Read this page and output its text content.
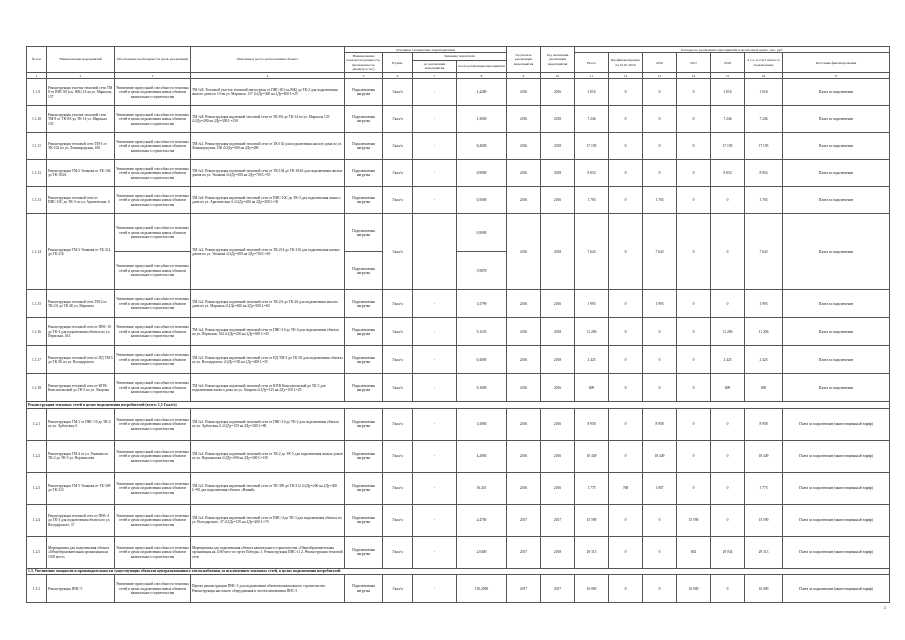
№ п/п	Наименование мероприятий	Обоснование необходимости (цель реализации)	Описание и место расположения объекта	Основные технические характеристики				Год начала реализации мероприятия	Год окончания реализации мероприятия	Расходы на реализацию мероприятий в прогнозных ценах, тыс. руб.						
				Наименование показателя (мощность, протяженность, диаметр и т.п.)	Ед.изм.	Значение показателя				Всего	Профинансировано на 01.01.2016	2016	2017	2018	в т.ч. за счет платы за подключение	Источник финансирования
						до реализации мероприятия	после реализации мероприятия									
1	2	3	4	5	6	7	8	9	10	11	12	13	14	15	16	17
1.1.9	Реконструкция участка тепловой сети ТМ 8 от ПНС 60 (т.к. 80Б) 13-ая ул. Маршала, 137	Увеличение пропускной способности тепловых сетей в целях подключения новых объектов капитального строительства	ТМ №8. Тепловой участок тепловой магистрали от ПНС 60 (т.к.80Б) до ТК-2 для подключения жилого дома по 13-ая ул. Маршала, 137 ∅2Ду=300 на 2Ду=400 L=25	Подключаемая нагрузка	Гкал/ч	-	1,4280	2016	2016	1 016	0	0	0	1 016	1 016	Плата за подключение
1.1.10	Реконструкция участка тепловой сети ТМ-8 от ТК-8А до ТК-14 ул. Маршала 135	Увеличение пропускной способности тепловых сетей в целях подключения новых объектов капитального строительства	ТМ №8. Реконструкция надземной тепловой сети от ТК-8А до ТК-14 по ул. Маршала 135 ∅2Ду=200 на 2Ду=300 L=120	Подключаемая нагрузка	Гкал/ч	-	1,3600	2016	2018	7 246	0	0	0	7 246	7 246	Плата за подключение
1.1.11	Реконструкция тепловой сети ТМ-1 от ТК-102 по ул. Ленинградская, 106	Увеличение пропускной способности тепловых сетей в целях подключения новых объектов капитального строительства	ТМ №1. Реконструкция подземной тепловой сети от ТК-102 для подключения жилого дома по ул. Ленинградская, 106 ∅2Ду=300 на 2Ду=400	Подключаемая нагрузка	Гкал/ч	-	8,4000	2016	2018	17 193	0	0	0	17 193	17 193	Плата за подключение
1.1.12	Реконструкция ТМ-2 Ушакова от ТК-104 до ТК-104А	Увеличение пропускной способности тепловых сетей в целях подключения новых объектов капитального строительства	ТМ №2. Реконструкция подземной тепловой сети от ТК-104 до ТК-104А для подключения жилых домов по ул. Ушакова ∅2Ду=500 на 2Ду=700 L=55	Подключаемая нагрузка	Гкал/ч	-	0,9000	2016	2018	8 854	0	0	0	8 854	8 854	Плата за подключение
1.1.13	Реконструкция тепловой сети от ПНС-10С до ТК-3 по ул. Арктическая, 6	Увеличение пропускной способности тепловых сетей в целях подключения новых объектов капитального строительства	ТМ №6. Реконструкция надземной тепловой сети от ПНС-10С до ТК-3 для подключения жилого дома по ул. Арктическая, 6 ∅2Ду=200 на 2Ду=300 L=30	Подключаемая нагрузка	Гкал/ч	-	0,5600	2016	2016	1 765	0	1 765	0	0	1 765	Плата за подключение
1.1.14	Реконструкция ТМ-2 Ушакова от ТК-214 до ТК-216	Увеличение пропускной способности тепловых сетей в целях подключения новых объектов капитального строительства	ТМ №2. Реконструкция подземной тепловой сети от ТК-214 до ТК-216 для подключения жилых домов по ул. Ушакова ∅2Ду=500 на 2Ду=700 L=40	Подключаемая нагрузка	Гкал/ч		0,9000	2016	2018	7 643	0	7 643	0	0	7 643	Плата за подключение
		Увеличение пропускной способности тепловых сетей в целях подключения новых объектов капитального строительства		Подключаемая нагрузка			5,9878									
1.1.15	Реконструкция тепловой сети ТМ-2 от ТК-2А до ТК-2Б ул. Маршала	Увеличение пропускной способности тепловых сетей в целях подключения новых объектов капитального строительства	ТМ №2. Реконструкция подземной тепловой сети от ТК-2А до ТК-2Б для подключения жилого дома по ул. Маршала ∅2Ду=400 на 2Ду=500 L=60	Подключаемая нагрузка	Гкал/ч	-	3,3799	2016	2016	1 993	0	1 993	0	0	1 993	Плата за подключение
1.1.16	Реконструкция тепловой сети от ПНС-10 до ТК-4 для подключения объекта по ул. Пермская, 104	Увеличение пропускной способности тепловых сетей в целях подключения новых объектов капитального строительства	ТМ №4. Реконструкция подземной тепловой сети от ПНС-10 до ТК-4 для подключения объекта по ул. Пермская, 104 ∅2Ду=250 на 2Ду=300 L=45	Подключаемая нагрузка	Гкал/ч	-	5,1233	2016	2018	11 206	0	0	0	11 206	11 206	Плата за подключение
1.1.17	Реконструкция тепловой сети от ПД ТМ-5 до ТК-5Б по ул. Володарского	Увеличение пропускной способности тепловых сетей в целях подключения новых объектов капитального строительства	ТМ №5. Реконструкция надземной тепловой сети от ПД ТМ-5 до ТК-5Б для подключения объекта по ул. Володарского ∅2Ду=150 на 2Ду=200 L=35	Подключаемая нагрузка	Гкал/ч	-	0,4000	2016	2018	2 425	0	0	0	2 425	2 425	Плата за подключение
1.1.18	Реконструкция тепловой сети от ЮТК Комсомольский до ТК-5 по ул. Хворова	Увеличение пропускной способности тепловых сетей в целях подключения новых объектов капитального строительства	ТМ №6. Реконструкция подземной тепловой сети от ЮТК Комсомольский до ТК-5 для подключения жилого дома по ул. Хворова ∅2Ду=125 на 2Ду=150 L=25	Подключаемая нагрузка	Гкал/ч	-	0,1600	2016	2016	609	0	0	0	609	609	Плата за подключение
Реконструкция тепловых сетей в целях подключения потребителей (всего: 1,5 Гкал/ч)																
1.2.1	Реконструкция ТМ-1 от ПНС-10 до ТК-2 по ул. Арбатская, 6	Увеличение пропускной способности тепловых сетей в целях подключения новых объектов капитального строительства	ТМ №1. Реконструкция подземной тепловой сети от ПНС-10 до ТК-2 для подключения объекта по ул. Арбатская, 6 ∅2Ду=150 на 2Ду=200 L=80	Подключаемая нагрузка	Гкал/ч	-	3,3800	2016	2016	8 958	0	8 958	0	0	8 958	Плата за подключение (инвестиционный тариф)
1.2.2	Реконструкция ТМ-4 от ул. Ушакова по ТК-2 до ТК-5 ул. Ворошилова	Увеличение пропускной способности тепловых сетей в целях подключения новых объектов капитального строительства	ТМ №4. Реконструкция подземной тепловой сети от ТК-2 до ТК-5 для подключения жилых домов по ул. Ворошилова ∅2Ду=200 на 2Ду=300 L=150	Подключаемая нагрузка	Гкал/ч	-	4,2800	2016	2016	10 449	0	10 449	0	0	10 449	Плата за подключение (инвестиционный тариф)
1.2.3	Реконструкция ТМ-5 Ушакова от ТК-309 до ТК-312	Увеличение пропускной способности тепловых сетей в целях подключения новых объектов капитального строительства	ТМ №5. Реконструкция надземной тепловой сети от ТК-309 до ТК-312 ∅2Ду=200 на 2Ду=300 L=90 для подключения объекта «Новый»	Подключаемая нагрузка	Гкал/ч	-	16,451	2016	2016	1 775	768	1 007	0	0	1 775	Плата за подключение (инвестиционный тариф)
1.2.4	Реконструкция тепловой сети от ПНС-4 до ТК-3 для подключения объекта по ул. Володарского, 37	Увеличение пропускной способности тепловых сетей в целях подключения новых объектов капитального строительства	ТМ №4. Реконструкция надземной тепловой сети от ПНС-4 до ТК-3 для подключения объекта по ул. Володарского, 37 ∅2Ду=150 на 2Ду=200 L=70	Подключаемая нагрузка	Гкал/ч	-	2,4700	2017	2017	15 590	0	0	15 590	0	15 590	Плата за подключение (инвестиционный тариф)
1.2.5	Мероприятия для подключения объекта «Общеобразовательная организация на 1100 мест»	Увеличение пропускной способности тепловых сетей в целях подключения новых объектов капитального строительства	Мероприятия для подключения объекта капитального строительства «Общеобразовательная организация на 1100 мест по пр-кт Победы» 1. Реконструкция ПНС-11 2. Реконструкция тепловой сети	Подключаемая нагрузка	Гкал/ч	-	2,0400	2017	2018	29 313	0	0	692	29 034	29 313	Плата за подключение (инвестиционный тариф)
1.3. Увеличение мощности и производительности существующих объектов централизованного теплоснабжения, за исключением тепловых сетей, в целях подключения потребителей																
1.3.1	Реконструкция ПНС-5	Увеличение пропускной способности тепловых сетей в целях подключения новых объектов капитального строительства	Проект реконструкции ПНС-5 для подключения объектов капитального строительства. Реконструкция насосного оборудования и систем автоматики ПНС-5	Подключаемая нагрузка	Гкал/ч	-	110,2000	2017	2017	16 000	0	0	16 000	0	16 000	Плата за подключение (инвестиционный тариф)
2
